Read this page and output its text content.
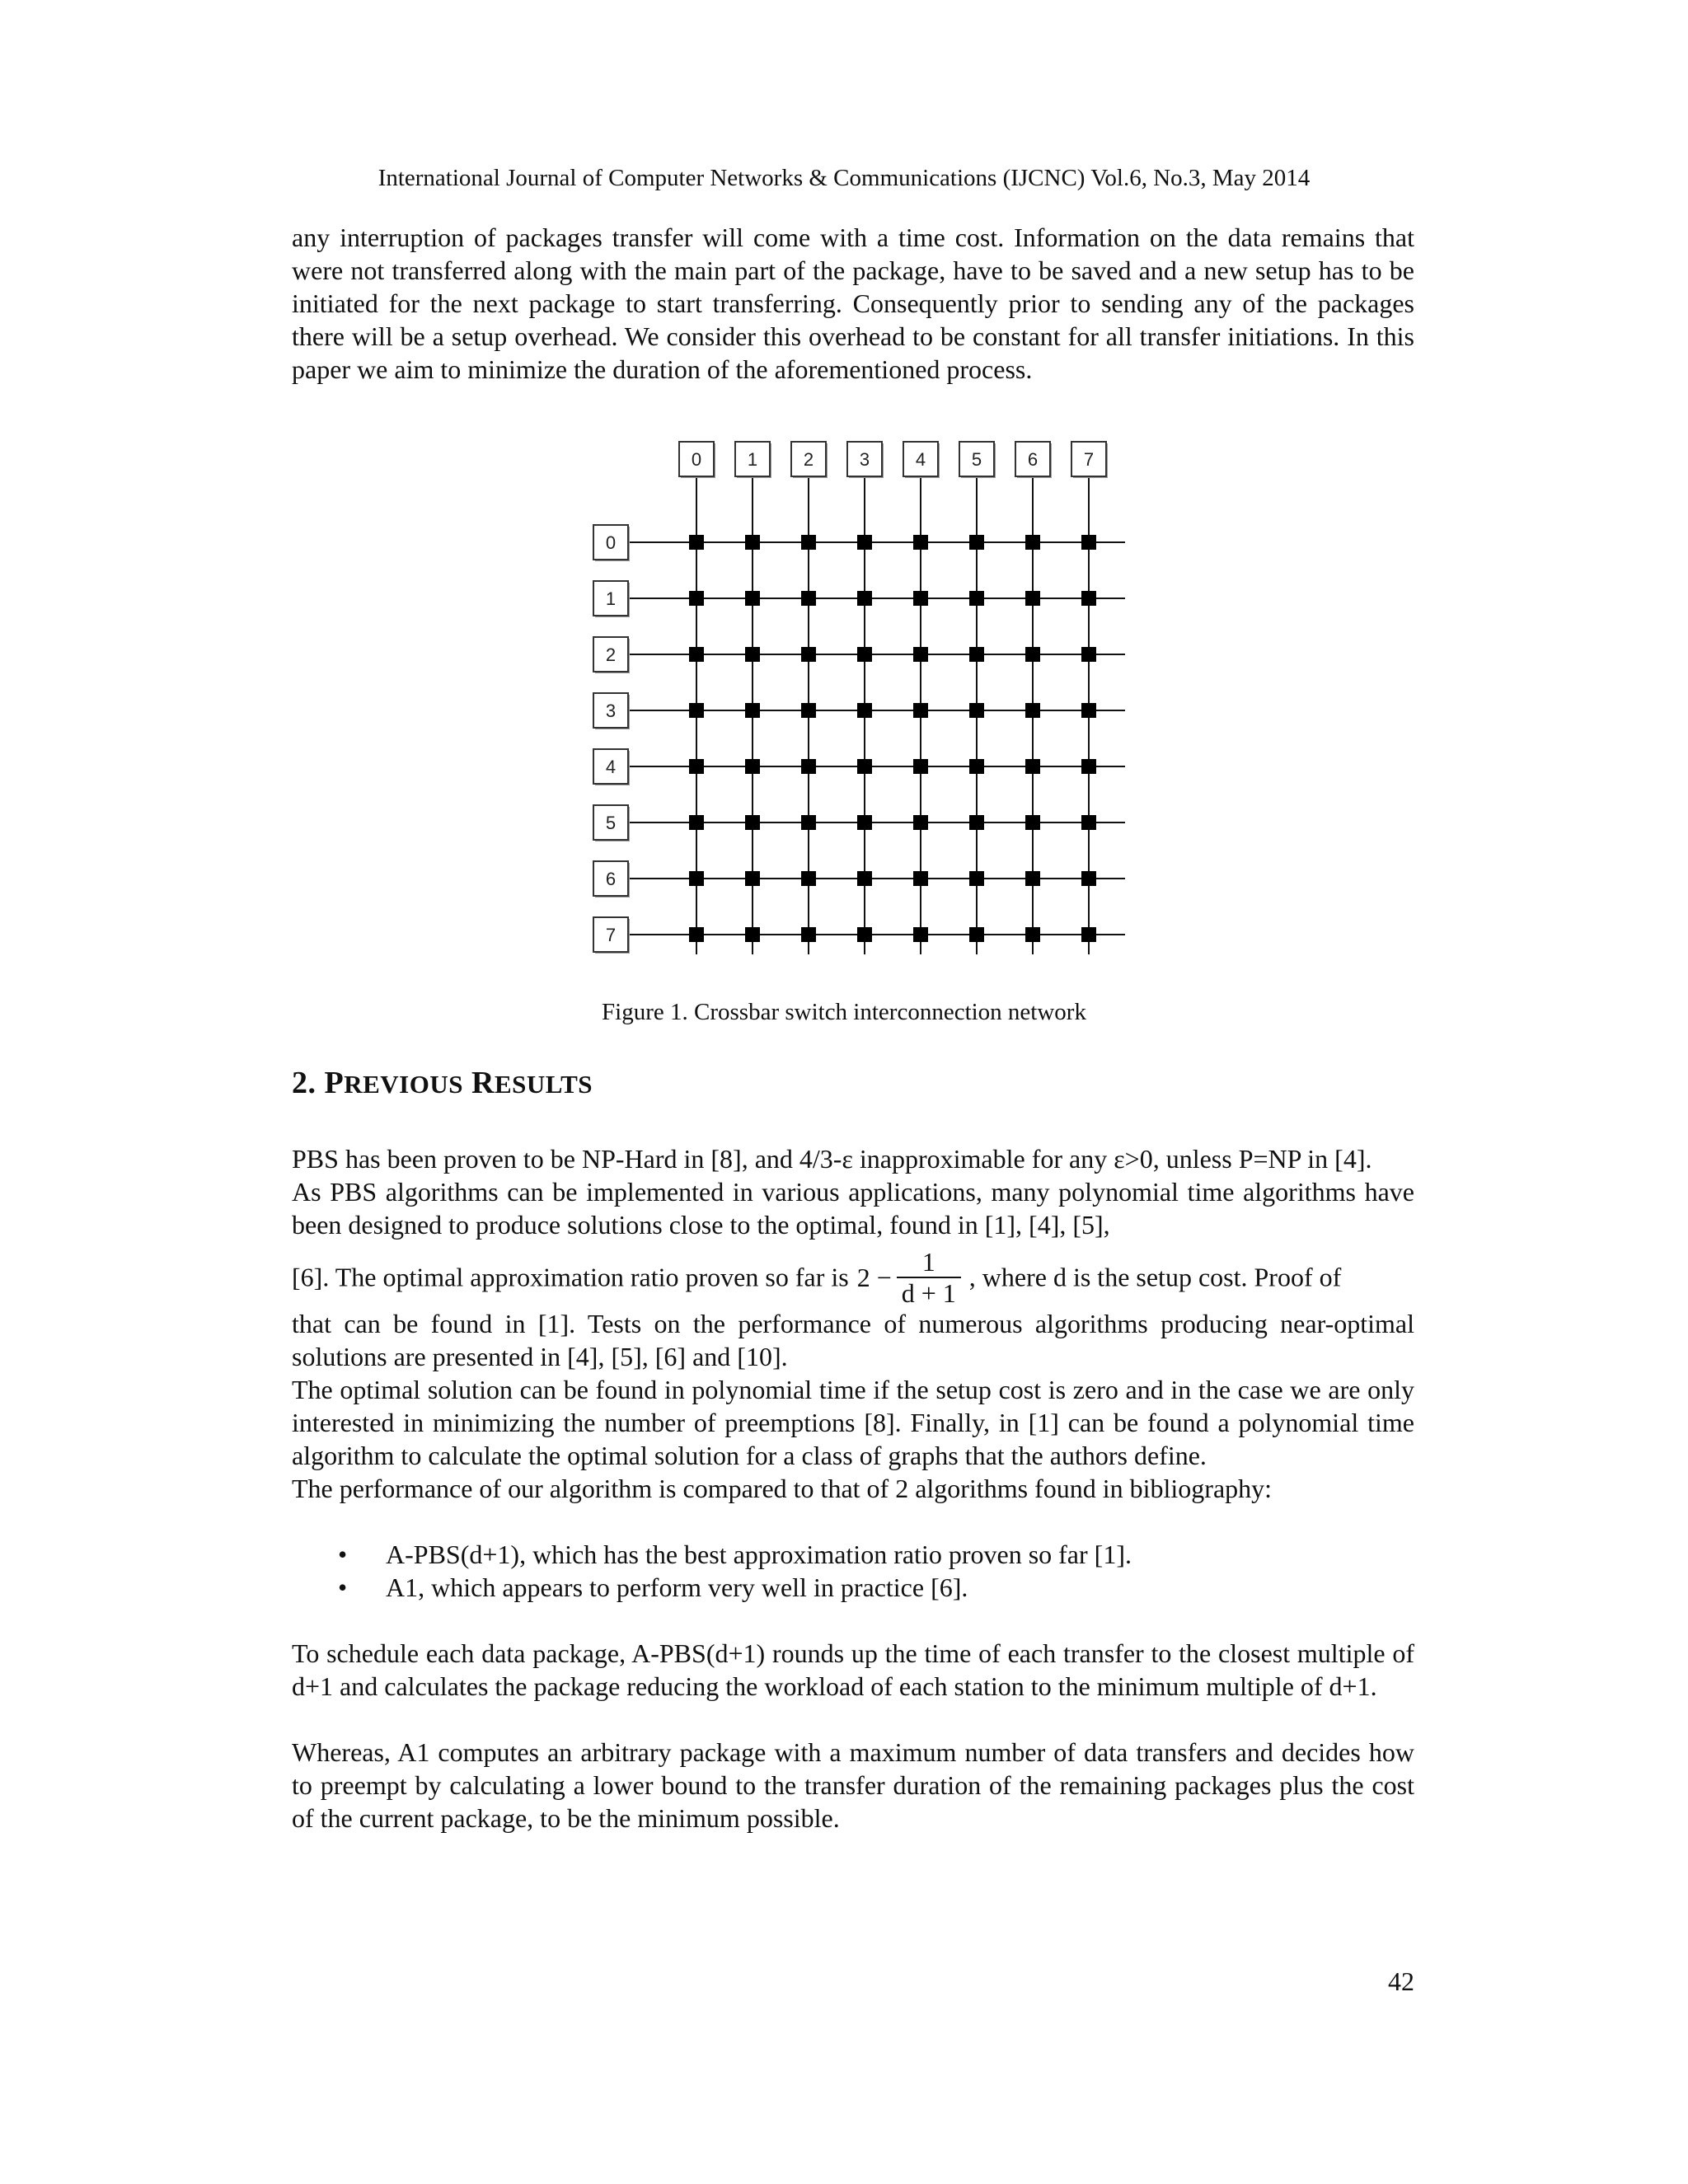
International Journal of Computer Networks & Communications (IJCNC) Vol.6, No.3, May 2014

any interruption of packages transfer will come with a time cost. Information on the data remains that were not transferred along with the main part of the package, have to be saved and a new setup has to be initiated for the next package to start transferring. Consequently prior to sending any of the packages there will be a setup overhead. We consider this overhead to be constant for all transfer initiations. In this paper we aim to minimize the duration of the aforementioned process.

0	1	2	3	4	5	6	7
0
1
2
3
4
5
6
7
Figure 1. Crossbar switch interconnection network
2. PREVIOUS RESULTS

PBS has been proven to be NP-Hard in [8], and 4/3-ε inapproximable for any ε>0, unless P=NP in [4].

As PBS algorithms can be implemented in various applications, many polynomial time algorithms have been designed to produce solutions close to the optimal, found in [1], [4], [5],

[6]. The optimal approximation ratio proven so far is $2 - \frac{1}{d + 1}$ , where d is the setup cost. Proof of

that can be found in [1]. Tests on the performance of numerous algorithms producing near-optimal solutions are presented in [4], [5], [6] and [10].

The optimal solution can be found in polynomial time if the setup cost is zero and in the case we are only interested in minimizing the number of preemptions [8]. Finally, in [1] can be found a polynomial time algorithm to calculate the optimal solution for a class of graphs that the authors define.

The performance of our algorithm is compared to that of 2 algorithms found in bibliography:

• A-PBS(d+1), which has the best approximation ratio proven so far [1].
• A1, which appears to perform very well in practice [6].

To schedule each data package, A-PBS(d+1) rounds up the time of each transfer to the closest multiple of d+1 and calculates the package reducing the workload of each station to the minimum multiple of d+1.

Whereas, A1 computes an arbitrary package with a maximum number of data transfers and decides how to preempt by calculating a lower bound to the transfer duration of the remaining packages plus the cost of the current package, to be the minimum possible.

42
